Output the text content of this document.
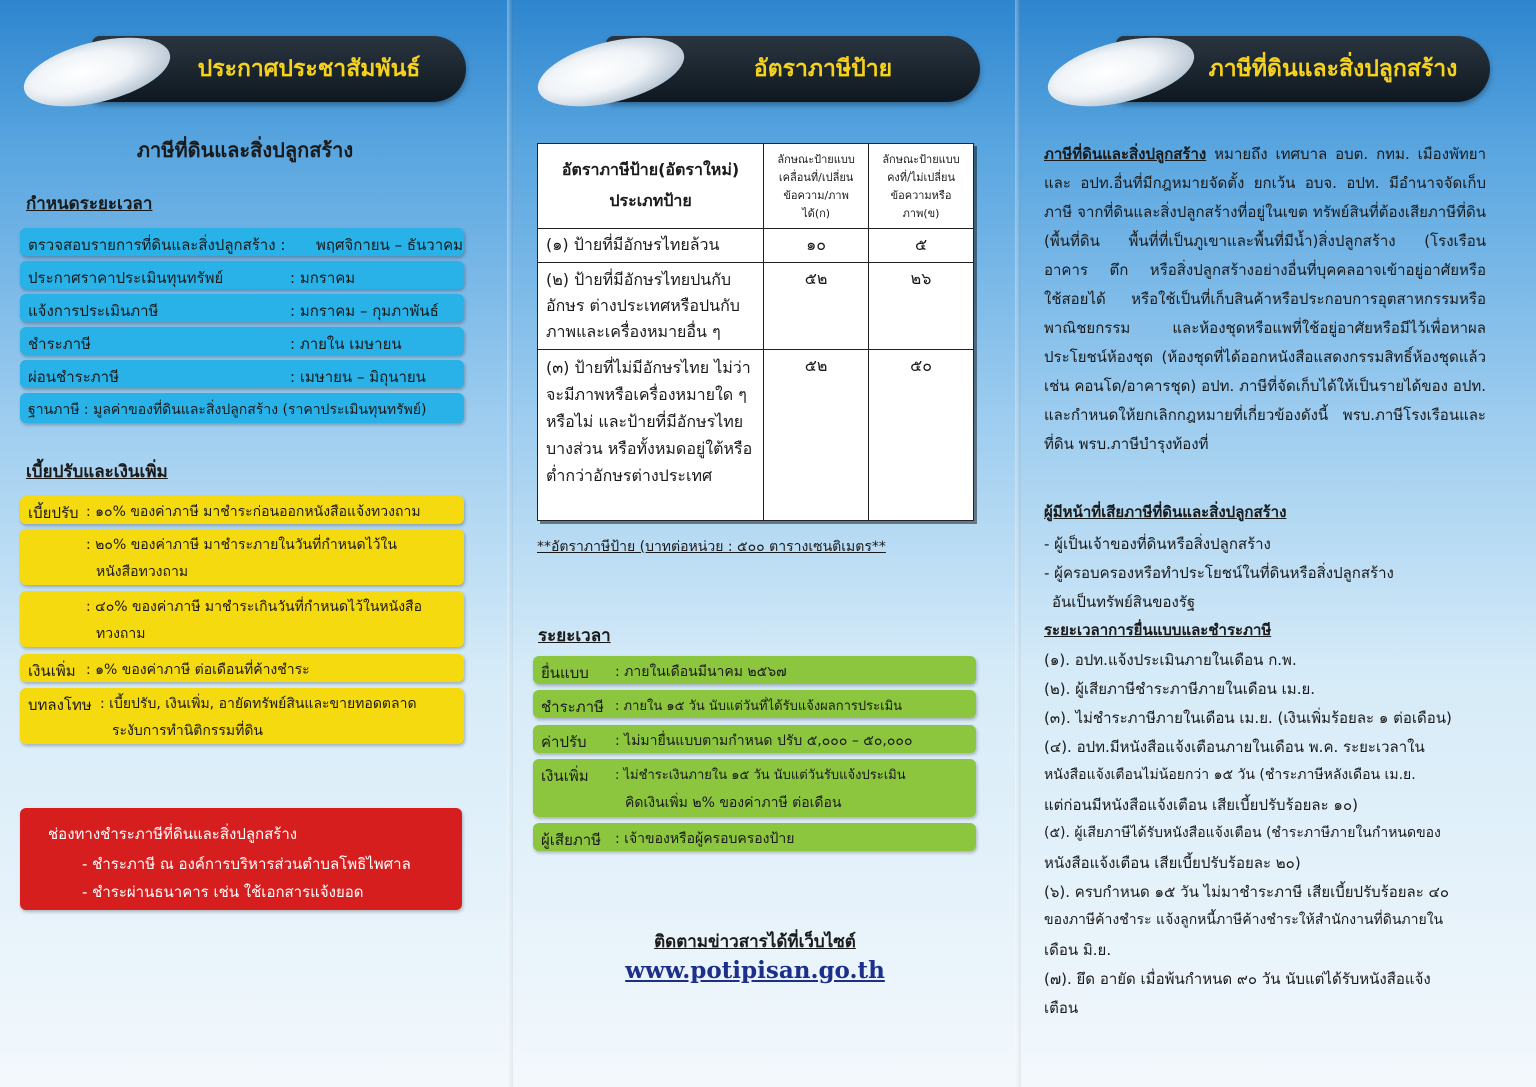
ประกาศประชาสัมพันธ์
ภาษีที่ดินและสิ่งปลูกสร้าง
กำหนดระยะเวลา
ตรวจสอบรายการที่ดินและสิ่งปลูกสร้าง : พฤศจิกายน – ธันวาคม
ประกาศราคาประเมินทุนทรัพย์	: มกราคม
แจ้งการประเมินภาษี	: มกราคม – กุมภาพันธ์
ชำระภาษี	: ภายใน เมษายน
ผ่อนชำระภาษี	: เมษายน – มิถุนายน
ฐานภาษี : มูลค่าของที่ดินและสิ่งปลูกสร้าง (ราคาประเมินทุนทรัพย์)
เบี้ยปรับและเงินเพิ่ม
เบี้ยปรับ : ๑๐% ของค่าภาษี มาชำระก่อนออกหนังสือแจ้งทวงถาม
: ๒๐% ของค่าภาษี มาชำระภายในวันที่กำหนดไว้ใน
หนังสือทวงถาม
: ๔๐% ของค่าภาษี มาชำระเกินวันที่กำหนดไว้ในหนังสือ
ทวงถาม
เงินเพิ่ม : ๑% ของค่าภาษี ต่อเดือนที่ค้างชำระ
บทลงโทษ : เบี้ยปรับ, เงินเพิ่ม, อายัดทรัพย์สินและขายทอดตลาด
ระงับการทำนิติกรรมที่ดิน
ช่องทางชำระภาษีที่ดินและสิ่งปลูกสร้าง
- ชำระภาษี ณ องค์การบริหารส่วนตำบลโพธิไพศาล
- ชำระผ่านธนาคาร เช่น ใช้เอกสารแจ้งยอด
อัตราภาษีป้าย
อัตราภาษีป้าย(อัตราใหม่)
ประเภทป้าย	ลักษณะป้ายแบบเคลื่อนที่/เปลี่ยนข้อความ/ภาพได้(ก)	ลักษณะป้ายแบบคงที่/ไม่เปลี่ยนข้อความหรือภาพ(ข)
(๑) ป้ายที่มีอักษรไทยล้วน	๑๐	๕
(๒) ป้ายที่มีอักษรไทยปนกับอักษร ต่างประเทศหรือปนกับภาพและเครื่องหมายอื่น ๆ	๕๒	๒๖
(๓) ป้ายที่ไม่มีอักษรไทย ไม่ว่าจะมีภาพหรือเครื่องหมายใด ๆ หรือไม่ และป้ายที่มีอักษรไทยบางส่วน หรือทั้งหมดอยู่ใต้หรือต่ำกว่าอักษรต่างประเทศ	๕๒	๕๐
**อัตราภาษีป้าย (บาทต่อหน่วย : ๕๐๐ ตารางเซนติเมตร**
ระยะเวลา
ยื่นแบบ : ภายในเดือนมีนาคม ๒๕๖๗
ชำระภาษี : ภายใน ๑๕ วัน นับแต่วันที่ได้รับแจ้งผลการประเมิน
ค่าปรับ : ไม่มายื่นแบบตามกำหนด ปรับ ๕,๐๐๐ – ๕๐,๐๐๐
เงินเพิ่ม : ไม่ชำระเงินภายใน ๑๕ วัน นับแต่วันรับแจ้งประเมิน
คิดเงินเพิ่ม ๒% ของค่าภาษี ต่อเดือน
ผู้เสียภาษี : เจ้าของหรือผู้ครอบครองป้าย
ติดตามข่าวสารได้ที่เว็บไซต์
www.potipisan.go.th
ภาษีที่ดินและสิ่งปลูกสร้าง
ภาษีที่ดินและสิ่งปลูกสร้าง หมายถึง เทศบาล อบต. กทม. เมืองพัทยา และ อปท.อื่นที่มีกฎหมายจัดตั้ง ยกเว้น อบจ. อปท. มีอำนาจจัดเก็บภาษี จากที่ดินและสิ่งปลูกสร้างที่อยู่ในเขต ทรัพย์สินที่ต้องเสียภาษีที่ดิน (พื้นที่ดิน พื้นที่ที่เป็นภูเขาและพื้นที่มีน้ำ)สิ่งปลูกสร้าง (โรงเรือน อาคาร ตึก หรือสิ่งปลูกสร้างอย่างอื่นที่บุคคลอาจเข้าอยู่อาศัยหรือใช้สอยได้ หรือใช้เป็นที่เก็บสินค้าหรือประกอบการอุตสาหกรรมหรือพาณิชยกรรม และห้องชุดหรือแพที่ใช้อยู่อาศัยหรือมีไว้เพื่อหาผลประโยชน์ห้องชุด (ห้องชุดที่ได้ออกหนังสือแสดงกรรมสิทธิ์ห้องชุดแล้ว เช่น คอนโด/อาคารชุด) อปท. ภาษีที่จัดเก็บได้ให้เป็นรายได้ของ อปท. และกำหนดให้ยกเลิกกฎหมายที่เกี่ยวข้องดังนี้ พรบ.ภาษีโรงเรือนและที่ดิน พรบ.ภาษีบำรุงท้องที่
ผู้มีหน้าที่เสียภาษีที่ดินและสิ่งปลูกสร้าง
- ผู้เป็นเจ้าของที่ดินหรือสิ่งปลูกสร้าง
- ผู้ครอบครองหรือทำประโยชน์ในที่ดินหรือสิ่งปลูกสร้าง
อันเป็นทรัพย์สินของรัฐ
ระยะเวลาการยื่นแบบและชำระภาษี
(๑). อปท.แจ้งประเมินภายในเดือน ก.พ.
(๒). ผู้เสียภาษีชำระภาษีภายในเดือน เม.ย.
(๓). ไม่ชำระภาษีภายในเดือน เม.ย. (เงินเพิ่มร้อยละ ๑ ต่อเดือน)
(๔). อปท.มีหนังสือแจ้งเตือนภายในเดือน พ.ค. ระยะเวลาใน
หนังสือแจ้งเตือนไม่น้อยกว่า ๑๕ วัน (ชำระภาษีหลังเดือน เม.ย.
แต่ก่อนมีหนังสือแจ้งเตือน เสียเบี้ยปรับร้อยละ ๑๐)
(๕). ผู้เสียภาษีได้รับหนังสือแจ้งเตือน (ชำระภาษีภายในกำหนดของ
หนังสือแจ้งเตือน เสียเบี้ยปรับร้อยละ ๒๐)
(๖). ครบกำหนด ๑๕ วัน ไม่มาชำระภาษี เสียเบี้ยปรับร้อยละ ๔๐
ของภาษีค้างชำระ แจ้งลูกหนี้ภาษีค้างชำระให้สำนักงานที่ดินภายใน
เดือน มิ.ย.
(๗). ยึด อายัด เมื่อพ้นกำหนด ๙๐ วัน นับแต่ได้รับหนังสือแจ้ง
เตือน
